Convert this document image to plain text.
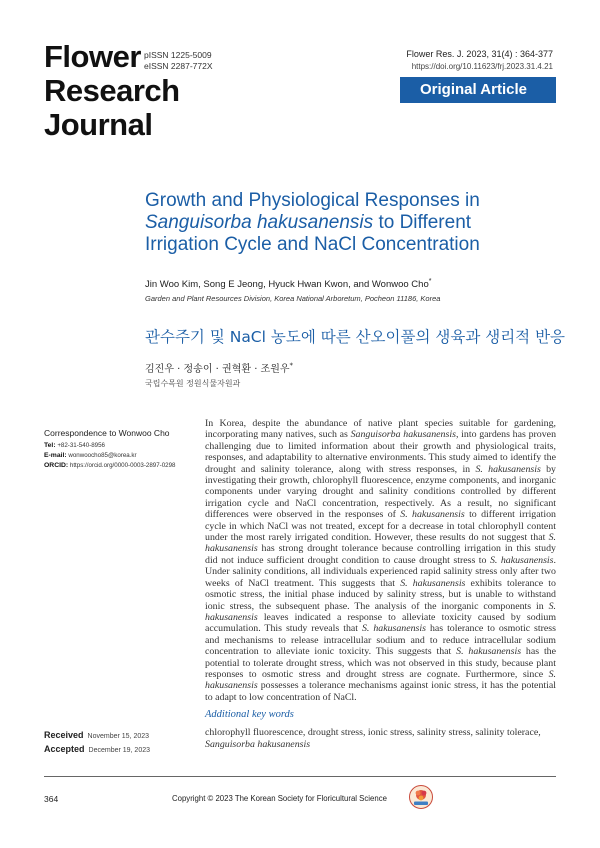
Flower
Research
Journal
pISSN 1225-5009
eISSN 2287-772X
Flower Res. J. 2023, 31(4) : 364-377
https://doi.org/10.11623/frj.2023.31.4.21
Original Article
Growth and Physiological Responses in
Sanguisorba hakusanensis to Different
Irrigation Cycle and NaCl Concentration
Jin Woo Kim, Song E Jeong, Hyuck Hwan Kwon, and Wonwoo Cho*
Garden and Plant Resources Division, Korea National Arboretum, Pocheon 11186, Korea
관수주기 및 NaCl 농도에 따른 산오이풀의 생육과 생리적 반응
김진우 · 정송이 · 권혁환 · 조원우*
국립수목원 정원식물자원과
Correspondence to Wonwoo Cho
Tel: +82-31-540-8956
E-mail: wonwoocho85@korea.kr
ORCID: https://orcid.org/0000-0003-2897-0298
In Korea, despite the abundance of native plant species suitable for gardening, incorporating many natives, such as Sanguisorba hakusanensis, into gardens has proven challenging due to limited information about their growth and physiological traits, responses, and adaptability to alternative environments. This study aimed to identify the drought and salinity tolerance, along with stress responses, in S. hakusanensis by investigating their growth, chlorophyll fluorescence, enzyme components, and inorganic components under varying drought and salinity conditions controlled by different irrigation cycle and NaCl concentration, respectively. As a result, no significant differences were observed in the responses of S. hakusanensis to different irrigation cycle in which NaCl was not treated, except for a decrease in total chlorophyll content under the most rarely irrigated condition. However, these results do not suggest that S. hakusanensis has strong drought tolerance because controlling irrigation in this study did not induce sufficient drought condition to cause drought stress to S. hakusanensis. Under salinity conditions, all individuals experienced rapid salinity stress only after two weeks of NaCl treatment. This suggests that S. hakusanensis exhibits tolerance to osmotic stress, the initial phase induced by salinity stress, but is unable to withstand ionic stress, the subsequent phase. The analysis of the inorganic components in S. hakusanensis leaves indicated a response to alleviate toxicity caused by sodium accumulation. This study reveals that S. hakusanensis has tolerance to osmotic stress and mechanisms to release intracellular sodium and to reduce intracellular sodium concentration to alleviate ionic toxicity. This suggests that S. hakusanensis has the potential to tolerate drought stress, which was not observed in this study, because plant responses to osmotic stress and drought stress are cognate. Furthermore, since S. hakusanensis possesses a tolerance mechanisms against ionic stress, it has the potential to adapt to low concentration of NaCl.
Additional key words
chlorophyll fluorescence, drought stress, ionic stress, salinity stress, salinity tolerace,
Sanguisorba hakusanensis
Received November 15, 2023
Accepted December 19, 2023
364	Copyright © 2023 The Korean Society for Floricultural Science
